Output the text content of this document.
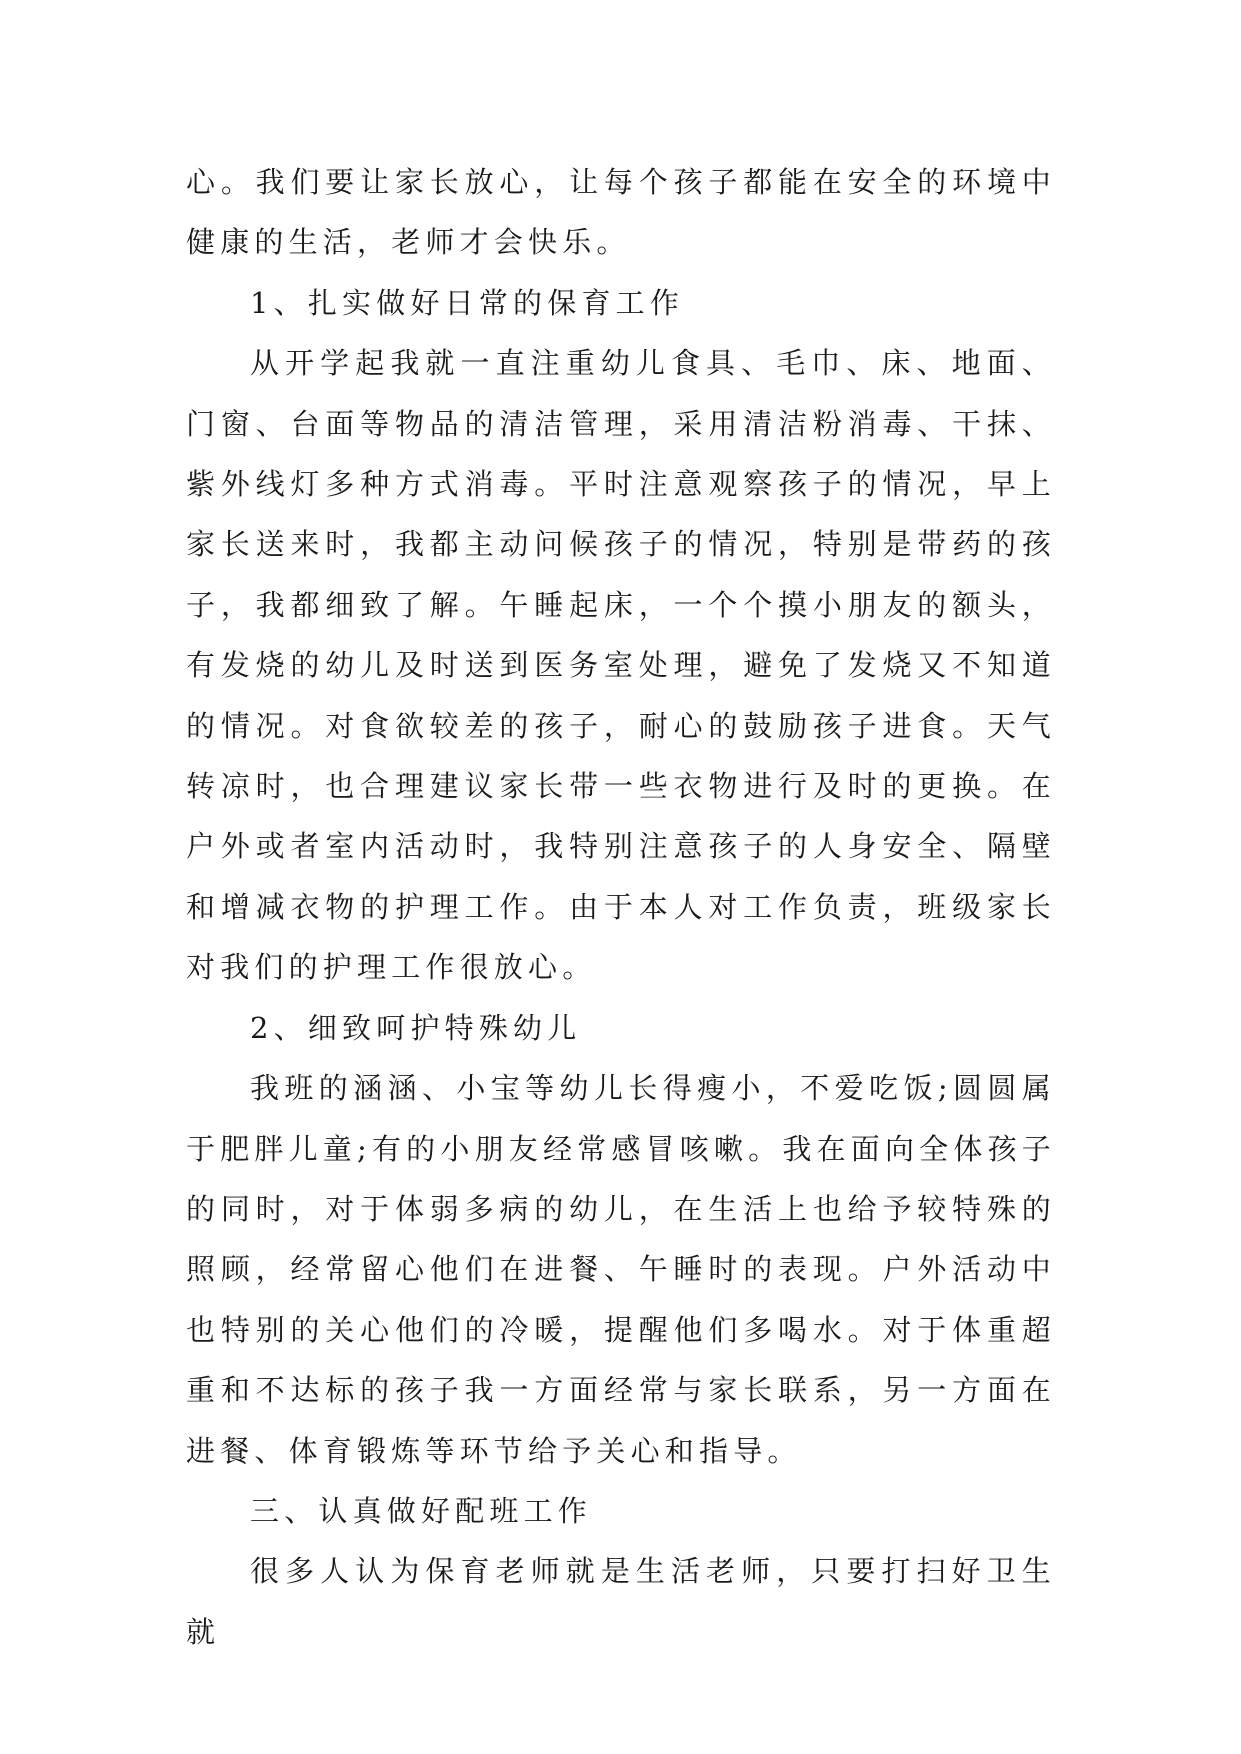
心。我们要让家长放心，让每个孩子都能在安全的环境中健康的生活，老师才会快乐。

1、扎实做好日常的保育工作

从开学起我就一直注重幼儿食具、毛巾、床、地面、门窗、台面等物品的清洁管理，采用清洁粉消毒、干抹、紫外线灯多种方式消毒。平时注意观察孩子的情况，早上家长送来时，我都主动问候孩子的情况，特别是带药的孩子，我都细致了解。午睡起床，一个个摸小朋友的额头，有发烧的幼儿及时送到医务室处理，避免了发烧又不知道的情况。对食欲较差的孩子，耐心的鼓励孩子进食。天气转凉时，也合理建议家长带一些衣物进行及时的更换。在户外或者室内活动时，我特别注意孩子的人身安全、隔壁和增减衣物的护理工作。由于本人对工作负责，班级家长对我们的护理工作很放心。

2、细致呵护特殊幼儿

我班的涵涵、小宝等幼儿长得瘦小，不爱吃饭;圆圆属于肥胖儿童;有的小朋友经常感冒咳嗽。我在面向全体孩子的同时，对于体弱多病的幼儿，在生活上也给予较特殊的照顾，经常留心他们在进餐、午睡时的表现。户外活动中也特别的关心他们的冷暖，提醒他们多喝水。对于体重超重和不达标的孩子我一方面经常与家长联系，另一方面在进餐、体育锻炼等环节给予关心和指导。

三、认真做好配班工作

很多人认为保育老师就是生活老师，只要打扫好卫生就
